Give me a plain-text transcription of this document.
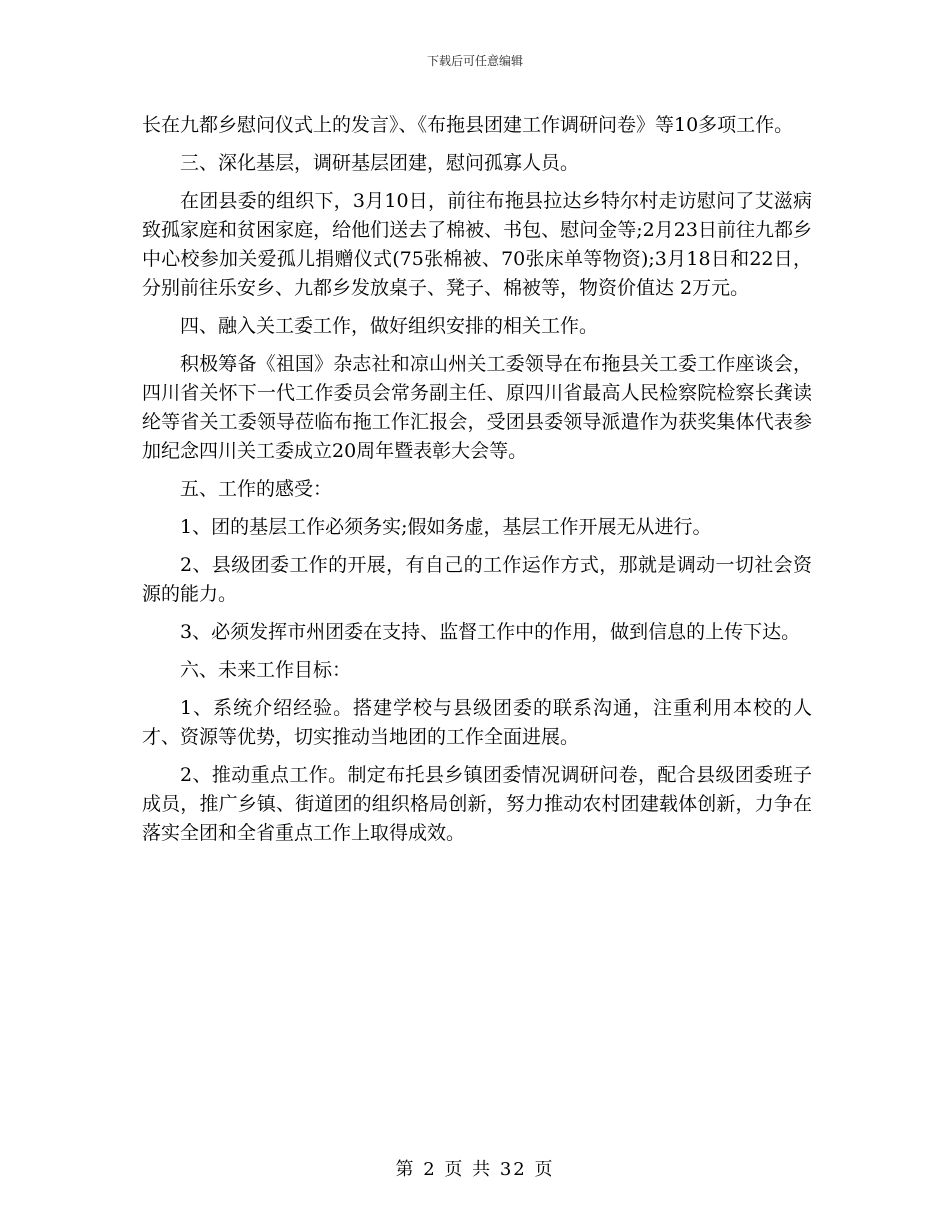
下载后可任意编辑

长在九都乡慰问仪式上的发言》、《布拖县团建工作调研问卷》等10多项工作。

三、深化基层，调研基层团建，慰问孤寡人员。

在团县委的组织下，3月10日，前往布拖县拉达乡特尔村走访慰问了艾滋病致孤家庭和贫困家庭，给他们送去了棉被、书包、慰问金等;2月23日前往九都乡中心校参加关爱孤儿捐赠仪式(75张棉被、70张床单等物资);3月18日和22日，分别前往乐安乡、九都乡发放桌子、凳子、棉被等，物资价值达 2万元。

四、融入关工委工作，做好组织安排的相关工作。

积极筹备《祖国》杂志社和凉山州关工委领导在布拖县关工委工作座谈会，四川省关怀下一代工作委员会常务副主任、原四川省最高人民检察院检察长龚读纶等省关工委领导莅临布拖工作汇报会，受团县委领导派遣作为获奖集体代表参加纪念四川关工委成立20周年暨表彰大会等。

五、工作的感受：

1、团的基层工作必须务实;假如务虚，基层工作开展无从进行。

2、县级团委工作的开展，有自己的工作运作方式，那就是调动一切社会资源的能力。

3、必须发挥市州团委在支持、监督工作中的作用，做到信息的上传下达。

六、未来工作目标：

1、系统介绍经验。搭建学校与县级团委的联系沟通，注重利用本校的人才、资源等优势，切实推动当地团的工作全面进展。

2、推动重点工作。制定布托县乡镇团委情况调研问卷，配合县级团委班子成员，推广乡镇、街道团的组织格局创新，努力推动农村团建载体创新，力争在落实全团和全省重点工作上取得成效。

第 2 页 共 32 页
